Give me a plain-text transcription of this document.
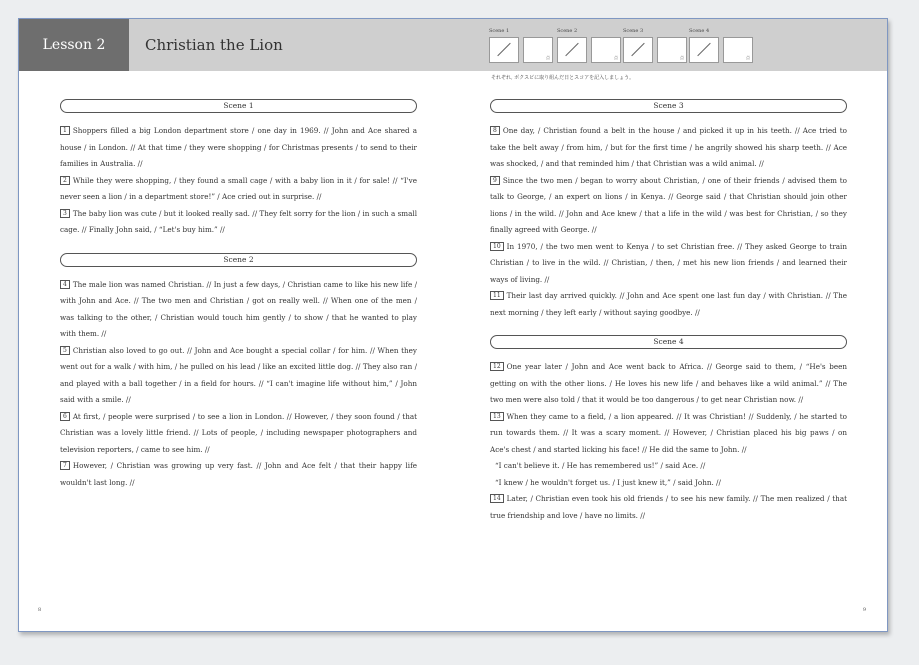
Lesson 2	Christian the Lion
Scene 1
点
Scene 2
点
Scene 3
点
Scene 4
点
それぞれ, ボクスピに取り組んだ日とスコアを記入しましょう。
Scene 1

1 Shoppers filled a big London department store / one day in 1969. // John and Ace shared a house / in London. // At that time / they were shopping / for Christmas presents / to send to their families in Australia. //

2 While they were shopping, / they found a small cage / with a baby lion in it / for sale! // “I've never seen a lion / in a department store!” / Ace cried out in surprise. //

3 The baby lion was cute / but it looked really sad. // They felt sorry for the lion / in such a small cage. // Finally John said, / “Let's buy him.” //

Scene 2

4 The male lion was named Christian. // In just a few days, / Christian came to like his new life / with John and Ace. // The two men and Christian / got on really well. // When one of the men / was talking to the other, / Christian would touch him gently / to show / that he wanted to play with them. //

5 Christian also loved to go out. // John and Ace bought a special collar / for him. // When they went out for a walk / with him, / he pulled on his lead / like an excited little dog. // They also ran / and played with a ball together / in a field for hours. // “I can't imagine life without him,” / John said with a smile. //

6 At first, / people were surprised / to see a lion in London. // However, / they soon found / that Christian was a lovely little friend. // Lots of people, / including newspaper photographers and television reporters, / came to see him. //

7 However, / Christian was growing up very fast. // John and Ace felt / that their happy life wouldn't last long. //

Scene 3

8 One day, / Christian found a belt in the house / and picked it up in his teeth. // Ace tried to take the belt away / from him, / but for the first time / he angrily showed his sharp teeth. // Ace was shocked, / and that reminded him / that Christian was a wild animal. //

9 Since the two men / began to worry about Christian, / one of their friends / advised them to talk to George, / an expert on lions / in Kenya. // George said / that Christian should join other lions / in the wild. // John and Ace knew / that a life in the wild / was best for Christian, / so they finally agreed with George. //

10 In 1970, / the two men went to Kenya / to set Christian free. // They asked George to train Christian / to live in the wild. // Christian, / then, / met his new lion friends / and learned their ways of living. //

11 Their last day arrived quickly. // John and Ace spent one last fun day / with Christian. // The next morning / they left early / without saying goodbye. //

Scene 4

12 One year later / John and Ace went back to Africa. // George said to them, / “He's been getting on with the other lions. / He loves his new life / and behaves like a wild animal.” // The two men were also told / that it would be too dangerous / to get near Christian now. //

13 When they came to a field, / a lion appeared. // It was Christian! // Suddenly, / he started to run towards them. // It was a scary moment. // However, / Christian placed his big paws / on Ace's chest / and started licking his face! // He did the same to John. //

“I can't believe it. / He has remembered us!” / said Ace. //

“I knew / he wouldn't forget us. / I just knew it,” / said John. //

14 Later, / Christian even took his old friends / to see his new family. // The men realized / that true friendship and love / have no limits. //

8	9
